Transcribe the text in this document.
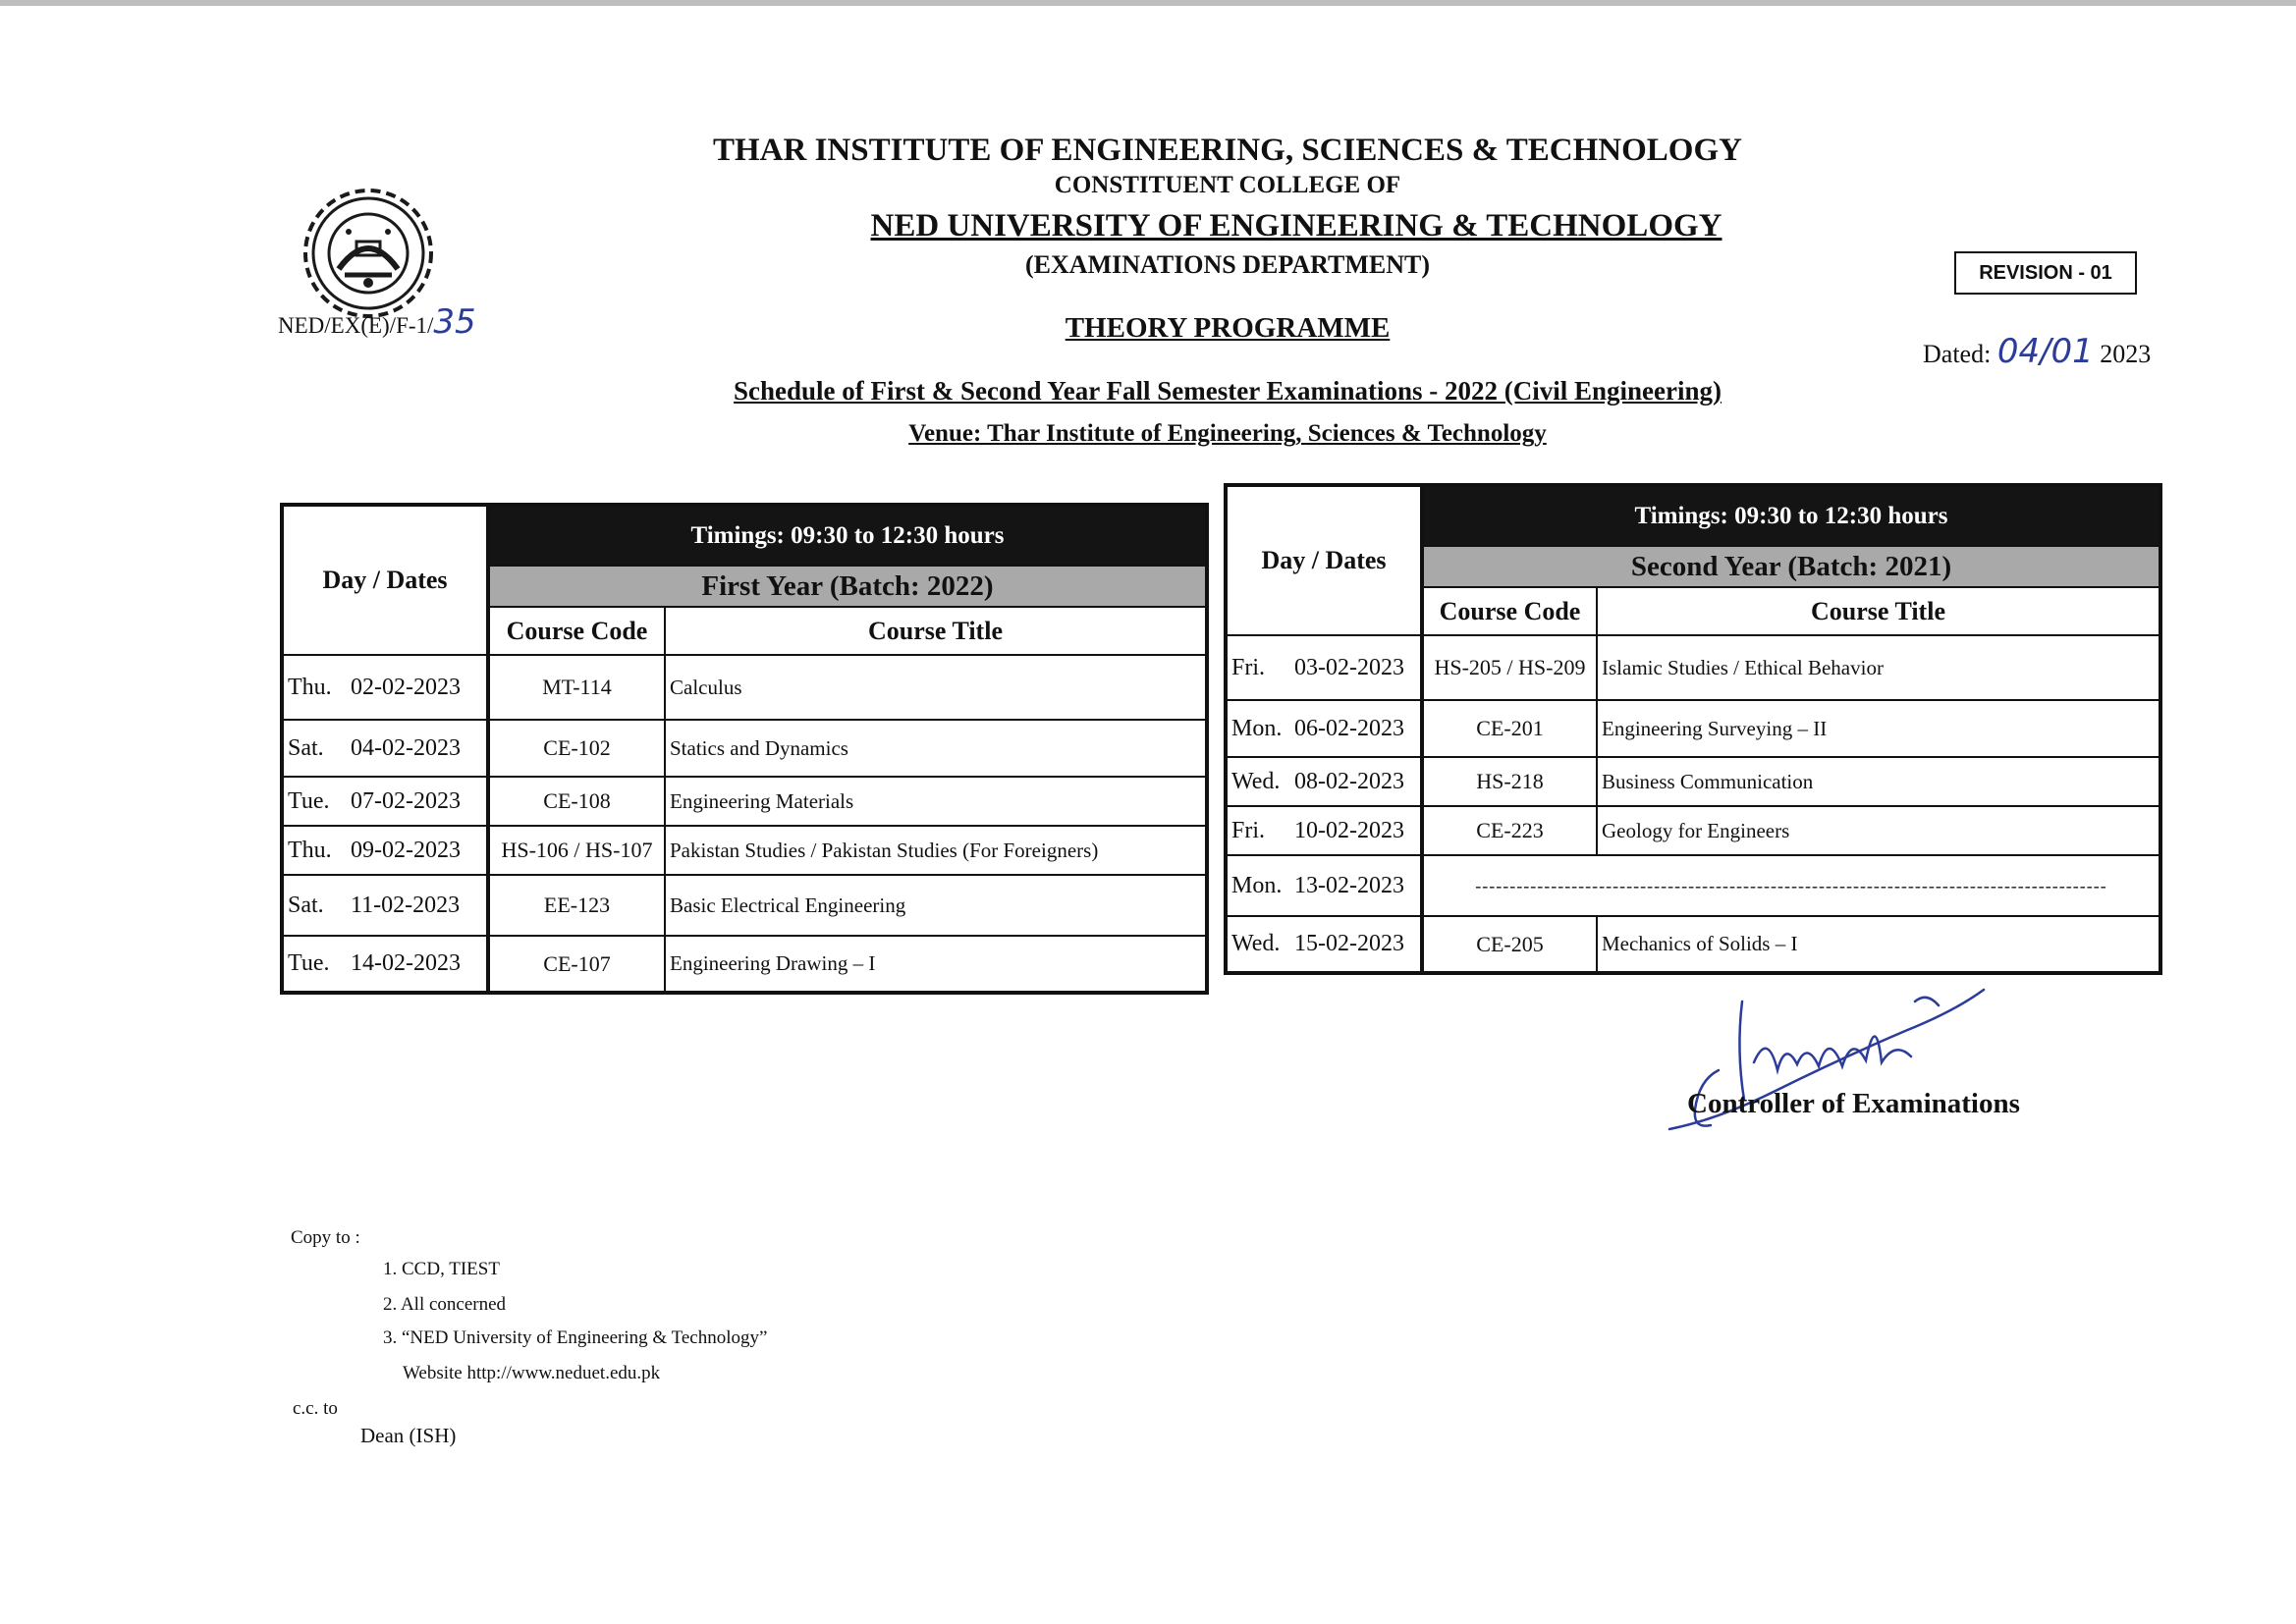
THAR INSTITUTE OF ENGINEERING, SCIENCES & TECHNOLOGY
CONSTITUENT COLLEGE OF
NED UNIVERSITY OF ENGINEERING & TECHNOLOGY
(EXAMINATIONS DEPARTMENT)
THEORY PROGRAMME
Schedule of First & Second Year Fall Semester Examinations - 2022 (Civil Engineering)
Venue: Thar Institute of Engineering, Sciences & Technology
NED/EX(E)/F-1/35
REVISION - 01
Dated: 04/01 2023
Day / Dates	Timings: 09:30 to 12:30 hours	
	First Year (Batch: 2022)	
	Course Code	Course Title
Thu. 02-02-2023	MT-114	Calculus
Sat. 04-02-2023	CE-102	Statics and Dynamics
Tue. 07-02-2023	CE-108	Engineering Materials
Thu. 09-02-2023	HS-106 / HS-107	Pakistan Studies / Pakistan Studies (For Foreigners)
Sat. 11-02-2023	EE-123	Basic Electrical Engineering
Tue. 14-02-2023	CE-107	Engineering Drawing – I
Day / Dates	Timings: 09:30 to 12:30 hours	
	Second Year (Batch: 2021)	
	Course Code	Course Title
Fri. 03-02-2023	HS-205 / HS-209	Islamic Studies / Ethical Behavior
Mon. 06-02-2023	CE-201	Engineering Surveying – II
Wed. 08-02-2023	HS-218	Business Communication
Fri. 10-02-2023	CE-223	Geology for Engineers
Mon. 13-02-2023	--------------------------------------------------------------------------------------------	
Wed. 15-02-2023	CE-205	Mechanics of Solids – I
Controller of Examinations
Copy to :
1. CCD, TIEST
2. All concerned
3. “NED University of Engineering & Technology”
Website http://www.neduet.edu.pk
c.c. to
Dean (ISH)
